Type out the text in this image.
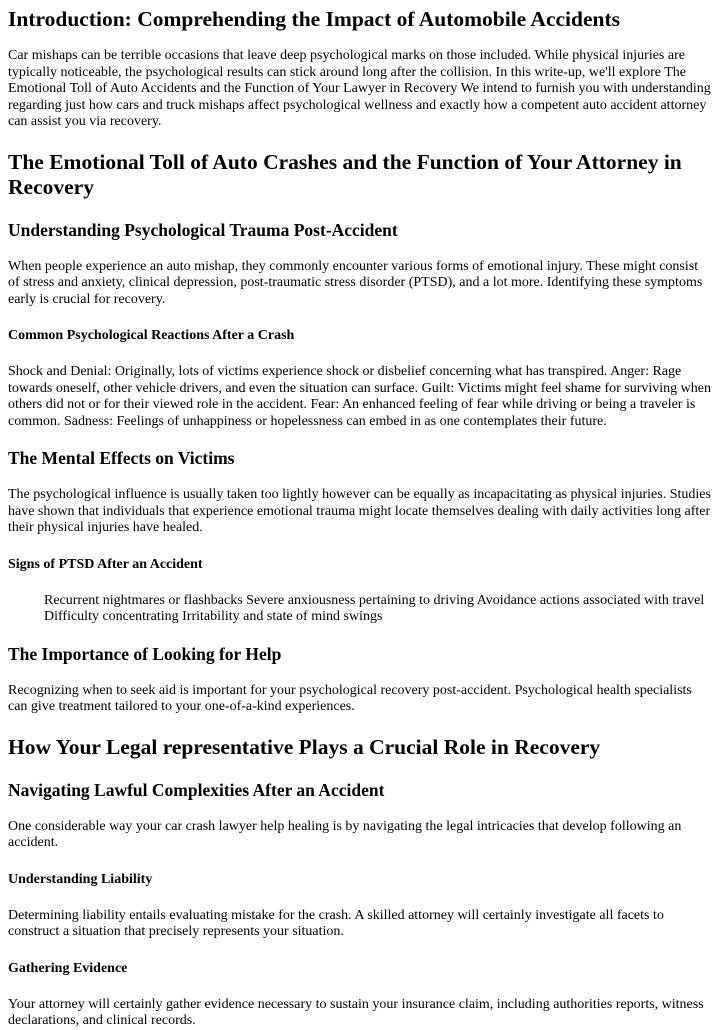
Introduction: Comprehending the Impact of Automobile Accidents

Car mishaps can be terrible occasions that leave deep psychological marks on those included. While physical injuries are typically noticeable, the psychological results can stick around long after the collision. In this write-up, we'll explore The Emotional Toll of Auto Accidents and the Function of Your Lawyer in Recovery We intend to furnish you with understanding regarding just how cars and truck mishaps affect psychological wellness and exactly how a competent auto accident attorney can assist you via recovery.

The Emotional Toll of Auto Crashes and the Function of Your Attorney in Recovery
Understanding Psychological Trauma Post-Accident

When people experience an auto mishap, they commonly encounter various forms of emotional injury. These might consist of stress and anxiety, clinical depression, post-traumatic stress disorder (PTSD), and a lot more. Identifying these symptoms early is crucial for recovery.

Common Psychological Reactions After a Crash

Shock and Denial: Originally, lots of victims experience shock or disbelief concerning what has transpired. Anger: Rage towards oneself, other vehicle drivers, and even the situation can surface. Guilt: Victims might feel shame for surviving when others did not or for their viewed role in the accident. Fear: An enhanced feeling of fear while driving or being a traveler is common. Sadness: Feelings of unhappiness or hopelessness can embed in as one contemplates their future.

The Mental Effects on Victims

The psychological influence is usually taken too lightly however can be equally as incapacitating as physical injuries. Studies have shown that individuals that experience emotional trauma might locate themselves dealing with daily activities long after their physical injuries have healed.

Signs of PTSD After an Accident
Recurrent nightmares or flashbacks Severe anxiousness pertaining to driving Avoidance actions associated with travel Difficulty concentrating Irritability and state of mind swings
The Importance of Looking for Help

Recognizing when to seek aid is important for your psychological recovery post-accident. Psychological health specialists can give treatment tailored to your one-of-a-kind experiences.

How Your Legal representative Plays a Crucial Role in Recovery
Navigating Lawful Complexities After an Accident

One considerable way your car crash lawyer help healing is by navigating the legal intricacies that develop following an accident.

Understanding Liability

Determining liability entails evaluating mistake for the crash. A skilled attorney will certainly investigate all facets to construct a situation that precisely represents your situation.

Gathering Evidence

Your attorney will certainly gather evidence necessary to sustain your insurance claim, including authorities reports, witness declarations, and clinical records.
